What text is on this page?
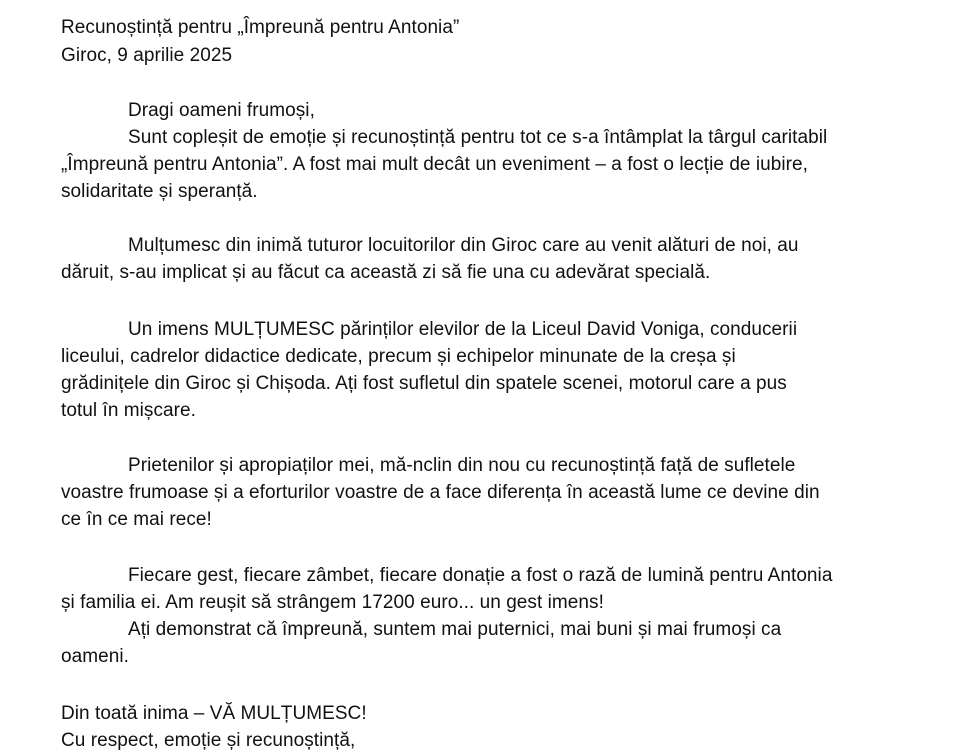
Recunoștință pentru „Împreună pentru Antonia”
Giroc, 9 aprilie 2025
Dragi oameni frumoși,
Sunt copleșit de emoție și recunoștință pentru tot ce s-a întâmplat la târgul caritabil
„Împreună pentru Antonia”. A fost mai mult decât un eveniment – a fost o lecție de iubire,
solidaritate și speranță.
Mulțumesc din inimă tuturor locuitorilor din Giroc care au venit alături de noi, au
dăruit, s-au implicat și au făcut ca această zi să fie una cu adevărat specială.
Un imens MULȚUMESC părinților elevilor de la Liceul David Voniga, conducerii
liceului, cadrelor didactice dedicate, precum și echipelor minunate de la creșa și
grădinițele din Giroc și Chișoda. Ați fost sufletul din spatele scenei, motorul care a pus
totul în mișcare.
Prietenilor și apropiaților mei, mă-nclin din nou cu recunoștință față de sufletele
voastre frumoase și a eforturilor voastre de a face diferența în această lume ce devine din
ce în ce mai rece!
Fiecare gest, fiecare zâmbet, fiecare donație a fost o rază de lumină pentru Antonia
și familia ei. Am reușit să strângem 17200 euro... un gest imens!
Ați demonstrat că împreună, suntem mai puternici, mai buni și mai frumoși ca
oameni.
Din toată inima – VĂ MULȚUMESC!
Cu respect, emoție și recunoștință,
